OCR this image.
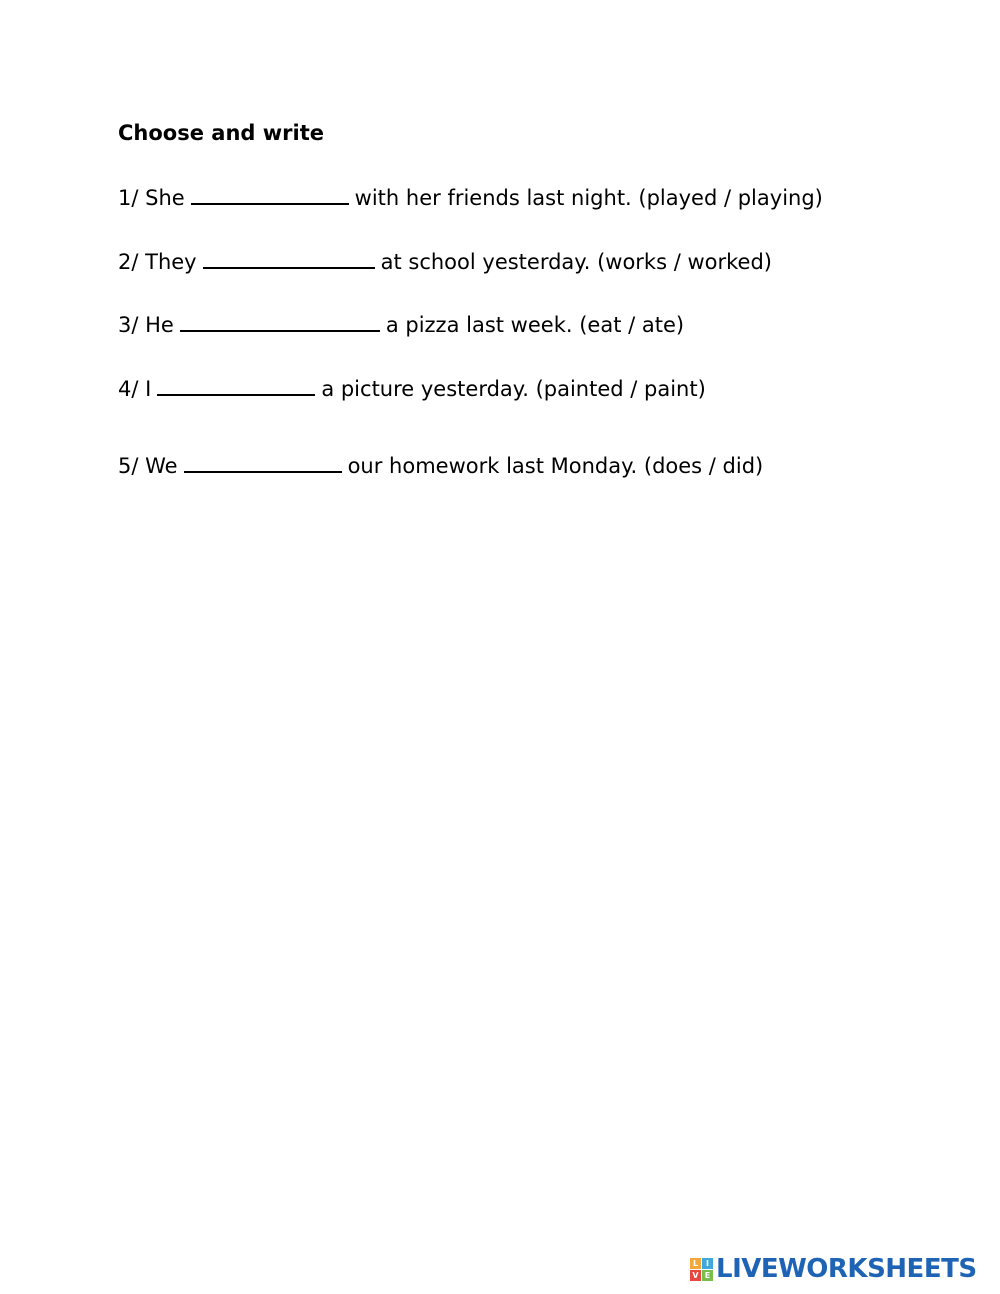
Choose and write
1/ She	with her friends last night. (played / playing)
2/ They	at school yesterday. (works / worked)
3/ He	a pizza last week. (eat / ate)
4/ I	a picture yesterday. (painted / paint)
5/ We	our homework last Monday. (does / did)
L I
V E LIVEWORKSHEETS
